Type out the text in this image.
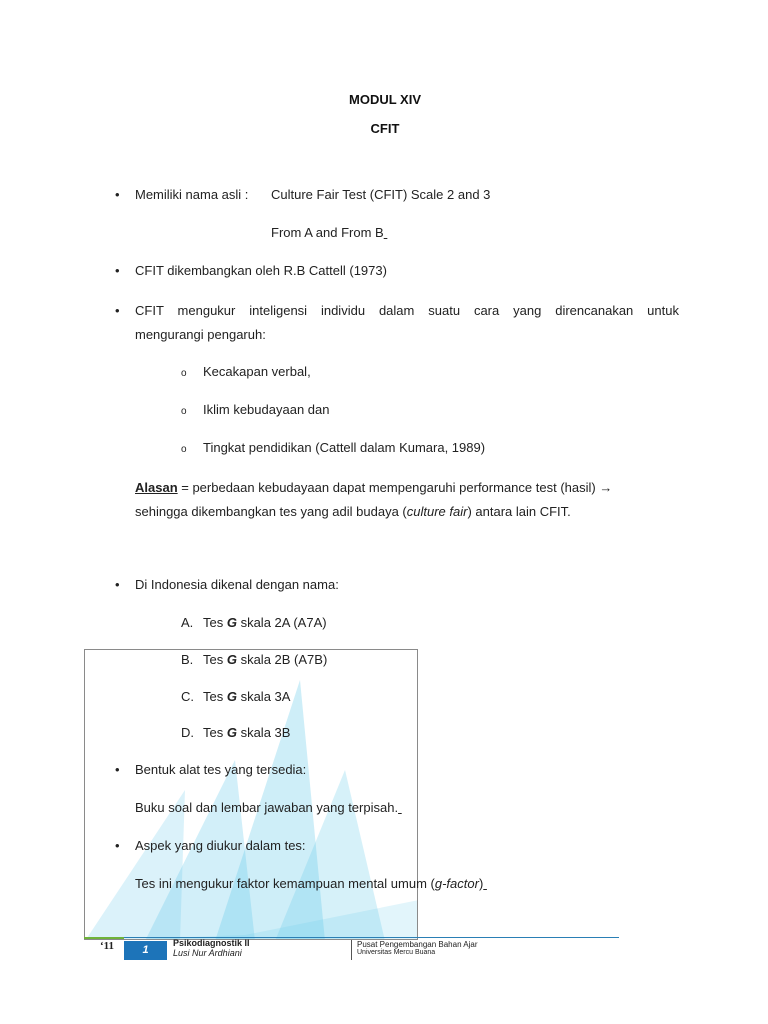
MODUL XIV
CFIT
• Memiliki nama asli : Culture Fair Test (CFIT) Scale 2 and 3
From A and From B
• CFIT dikembangkan oleh R.B Cattell (1973)
• CFIT mengukur inteligensi individu dalam suatu cara yang direncanakan untuk
mengurangi pengaruh:
o Kecakapan verbal,
o Iklim kebudayaan dan
o Tingkat pendidikan (Cattell dalam Kumara, 1989)
Alasan = perbedaan kebudayaan dapat mempengaruhi performance test (hasil) →
sehingga dikembangkan tes yang adil budaya (culture fair) antara lain CFIT.
• Di Indonesia dikenal dengan nama:
A. Tes G skala 2A (A7A)
B. Tes G skala 2B (A7B)
C. Tes G skala 3A
D. Tes G skala 3B
• Bentuk alat tes yang tersedia:
Buku soal dan lembar jawaban yang terpisah.
• Aspek yang diukur dalam tes:
Tes ini mengukur faktor kemampuan mental umum (g-factor)
‘11	1
Psikodiagnostik II
Lusi Nur Ardhiani
Pusat Pengembangan Bahan Ajar
Universitas Mercu Buana
